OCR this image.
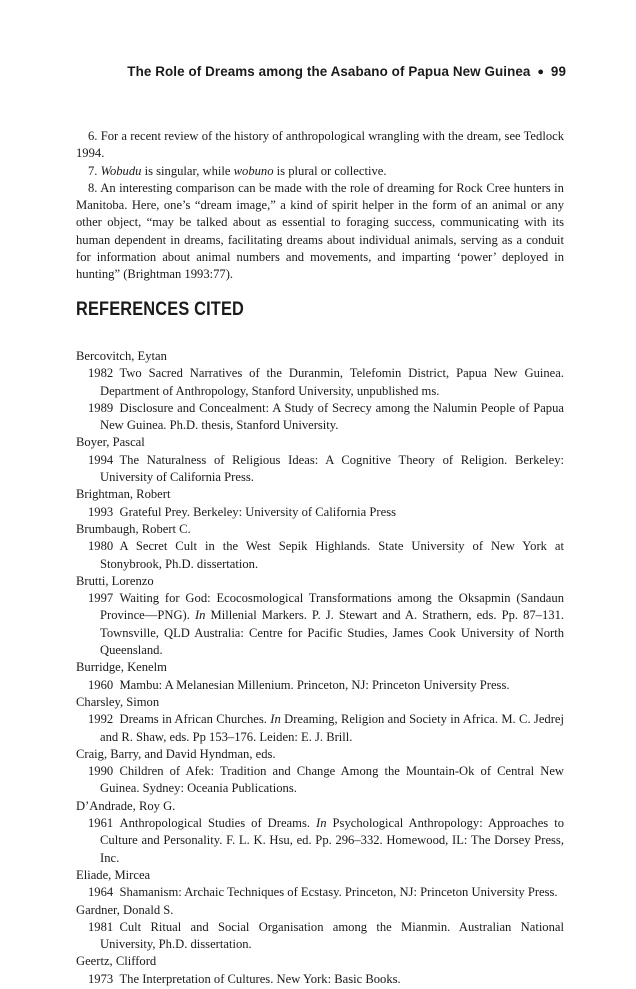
The Role of Dreams among the Asabano of Papua New Guinea ● 99

6. For a recent review of the history of anthropological wrangling with the dream, see Tedlock 1994.

7. Wobudu is singular, while wobuno is plural or collective.

8. An interesting comparison can be made with the role of dreaming for Rock Cree hunters in Manitoba. Here, one’s “dream image,” a kind of spirit helper in the form of an animal or any other object, “may be talked about as essential to foraging success, communicating with its human dependent in dreams, facilitating dreams about individual animals, serving as a conduit for information about animal numbers and movements, and imparting ‘power’ deployed in hunting” (Brightman 1993:77).

REFERENCES CITED

Bercovitch, Eytan

1982  Two Sacred Narratives of the Duranmin, Telefomin District, Papua New Guinea. Department of Anthropology, Stanford University, unpublished ms.

1989  Disclosure and Concealment: A Study of Secrecy among the Nalumin People of Papua New Guinea. Ph.D. thesis, Stanford University.

Boyer, Pascal

1994  The Naturalness of Religious Ideas: A Cognitive Theory of Religion. Berkeley: University of California Press.

Brightman, Robert

1993  Grateful Prey. Berkeley: University of California Press

Brumbaugh, Robert C.

1980  A Secret Cult in the West Sepik Highlands. State University of New York at Stonybrook, Ph.D. dissertation.

Brutti, Lorenzo

1997  Waiting for God: Ecocosmological Transformations among the Oksapmin (Sandaun Province—PNG). In Millenial Markers. P. J. Stewart and A. Strathern, eds. Pp. 87–131. Townsville, QLD Australia: Centre for Pacific Studies, James Cook University of North Queensland.

Burridge, Kenelm

1960  Mambu: A Melanesian Millenium. Princeton, NJ: Princeton University Press.

Charsley, Simon

1992  Dreams in African Churches. In Dreaming, Religion and Society in Africa. M. C. Jedrej and R. Shaw, eds. Pp 153–176. Leiden: E. J. Brill.

Craig, Barry, and David Hyndman, eds.

1990  Children of Afek: Tradition and Change Among the Mountain-Ok of Central New Guinea. Sydney: Oceania Publications.

D’Andrade, Roy G.

1961  Anthropological Studies of Dreams. In Psychological Anthropology: Approaches to Culture and Personality. F. L. K. Hsu, ed. Pp. 296–332. Homewood, IL: The Dorsey Press, Inc.

Eliade, Mircea

1964  Shamanism: Archaic Techniques of Ecstasy. Princeton, NJ: Princeton University Press.

Gardner, Donald S.

1981  Cult Ritual and Social Organisation among the Mianmin. Australian National University, Ph.D. dissertation.

Geertz, Clifford

1973  The Interpretation of Cultures. New York: Basic Books.
